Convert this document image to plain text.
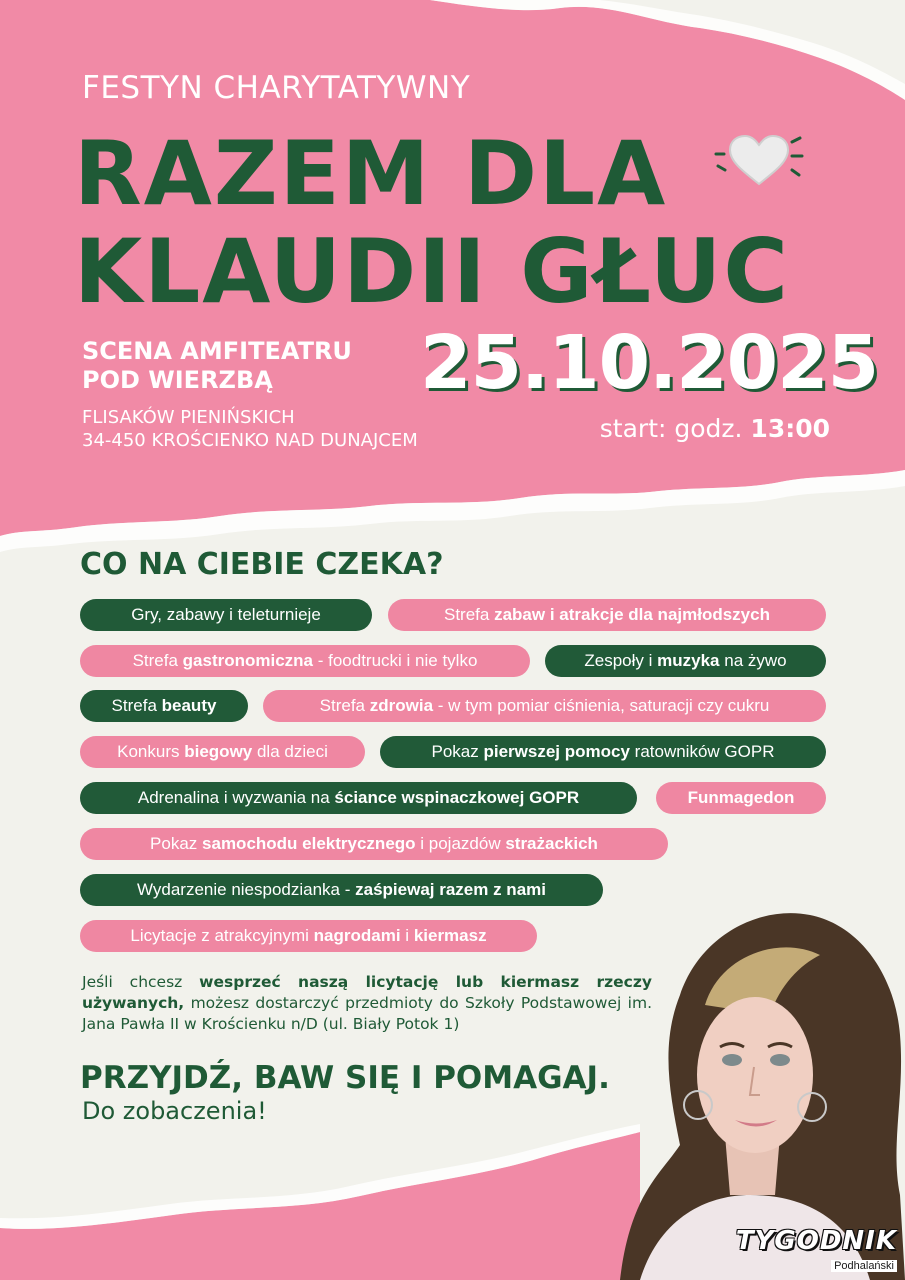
FESTYN CHARYTATYWNY
RAZEM DLA
KLAUDII GŁUC
SCENA AMFITEATRU
POD WIERZBĄ
FLISAKÓW PIENIŃSKICH
34-450 KROŚCIENKO NAD DUNAJCEM
25.10.2025
start: godz. 13:00
CO NA CIEBIE CZEKA?
Gry, zabawy i teleturnieje	Strefa zabaw i atrakcje dla najmłodszych
Strefa gastronomiczna - foodtrucki i nie tylko	Zespoły i muzyka na żywo
Strefa beauty	Strefa zdrowia - w tym pomiar ciśnienia, saturacji czy cukru
Konkurs biegowy dla dzieci	Pokaz pierwszej pomocy ratowników GOPR
Adrenalina i wyzwania na ściance wspinaczkowej GOPR	Funmagedon
Pokaz samochodu elektrycznego i pojazdów strażackich
Wydarzenie niespodzianka - zaśpiewaj razem z nami
Licytacje z atrakcyjnymi nagrodami i kiermasz
Jeśli chcesz wesprzeć naszą licytację lub kiermasz rzeczy używanych, możesz dostarczyć przedmioty do Szkoły Podstawowej im. Jana Pawła II w Krościenku n/D (ul. Biały Potok 1)
PRZYJDŹ, BAW SIĘ I POMAGAJ.
Do zobaczenia!
TYGODNIK
Podhalański
